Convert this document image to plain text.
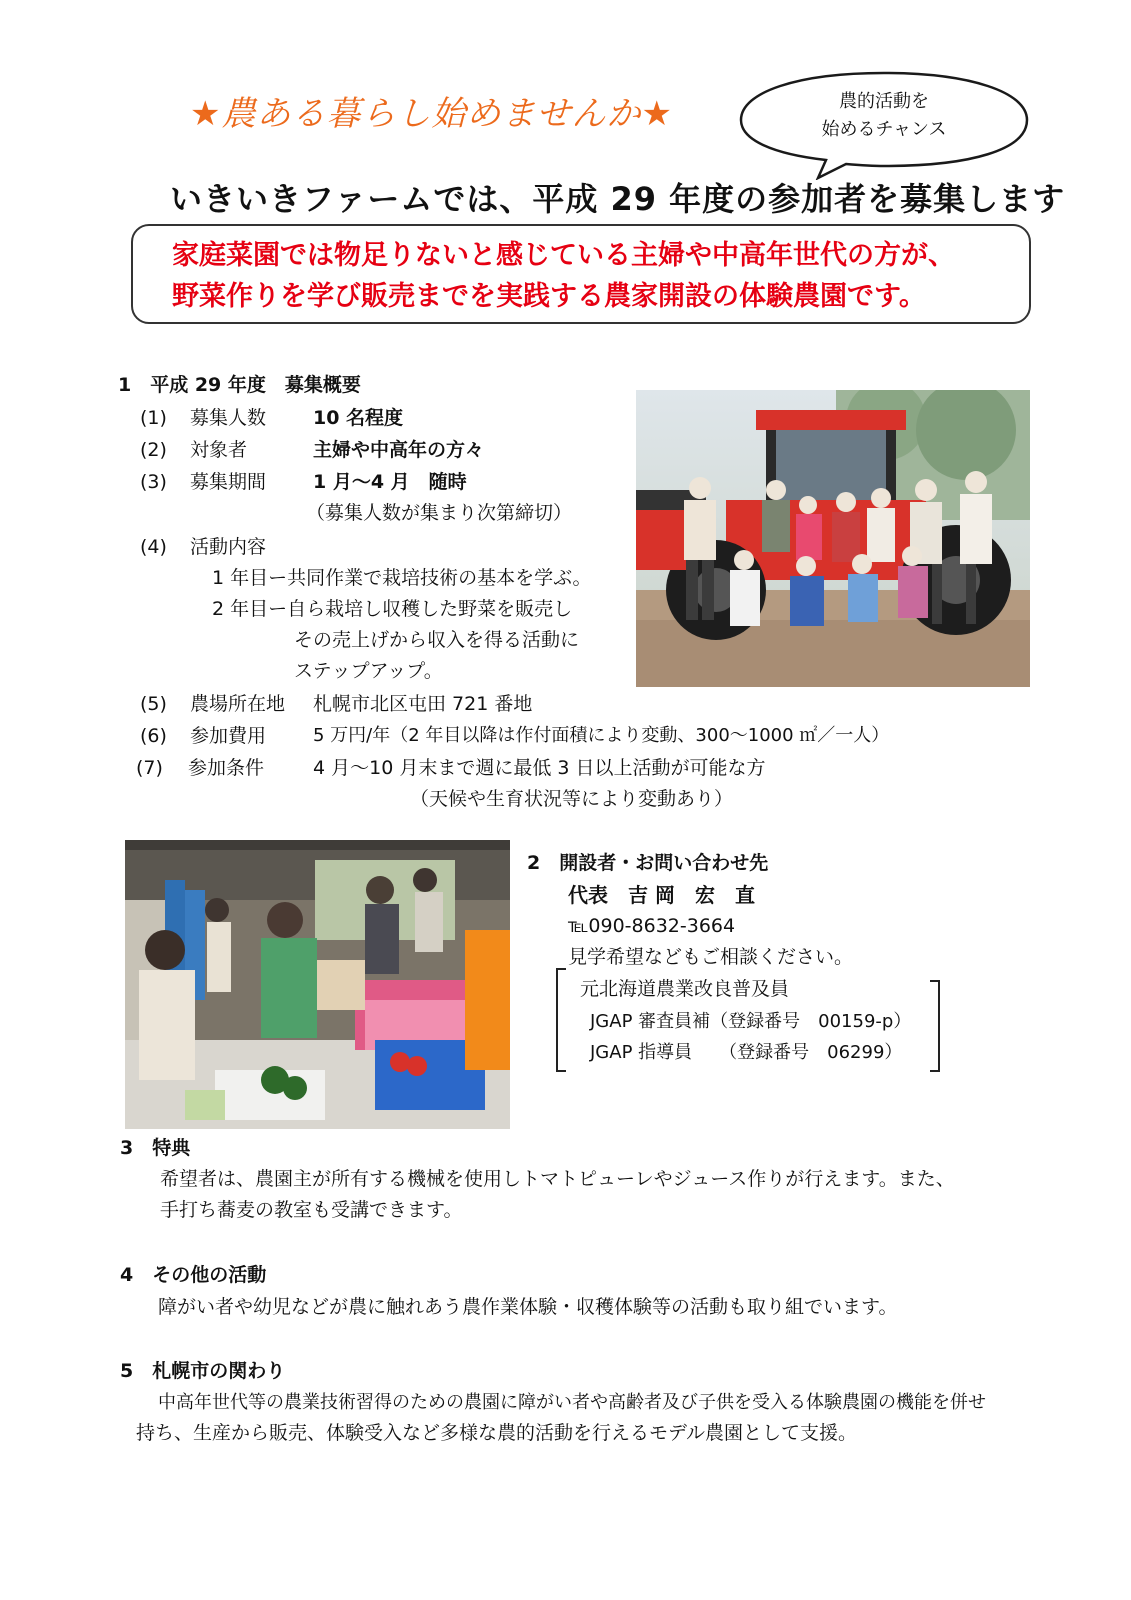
★農ある暮らし始めませんか★	農的活動を
始めるチャンス
いきいきファームでは、平成 29 年度の参加者を募集します
家庭菜園では物足りないと感じている主婦や中高年世代の方が、
野菜作りを学び販売までを実践する農家開設の体験農園です。
1　平成 29 年度　募集概要
(1) 募集人数 10 名程度
(2) 対象者	主婦や中高年の方々
(3) 募集期間 1 月～4 月　随時
（募集人数が集まり次第締切）
(4) 活動内容
1 年目ー共同作業で栽培技術の基本を学ぶ。
2 年目ー自ら栽培し収穫した野菜を販売し
その売上げから収入を得る活動に
ステップアップ。
(5) 農場所在地 札幌市北区屯田 721 番地
(6) 参加費用	5 万円/年（2 年目以降は作付面積により変動、300～1000 ㎡／一人）
(7) 参加条件	4 月～10 月末まで週に最低 3 日以上活動が可能な方
（天候や生育状況等により変動あり）
2　開設者・お問い合わせ先
代表　吉 岡　宏　直
℡090-8632-3664
見学希望などもご相談ください。
元北海道農業改良普及員
JGAP 審査員補（登録番号　00159-p）
JGAP 指導員　　（登録番号　06299）
3　特典
希望者は、農園主が所有する機械を使用しトマトピューレやジュース作りが行えます。また、
手打ち蕎麦の教室も受講できます。
4　その他の活動
障がい者や幼児などが農に触れあう農作業体験・収穫体験等の活動も取り組でいます。
5　札幌市の関わり
中高年世代等の農業技術習得のための農園に障がい者や高齢者及び子供を受入る体験農園の機能を併せ
持ち、生産から販売、体験受入など多様な農的活動を行えるモデル農園として支援。
